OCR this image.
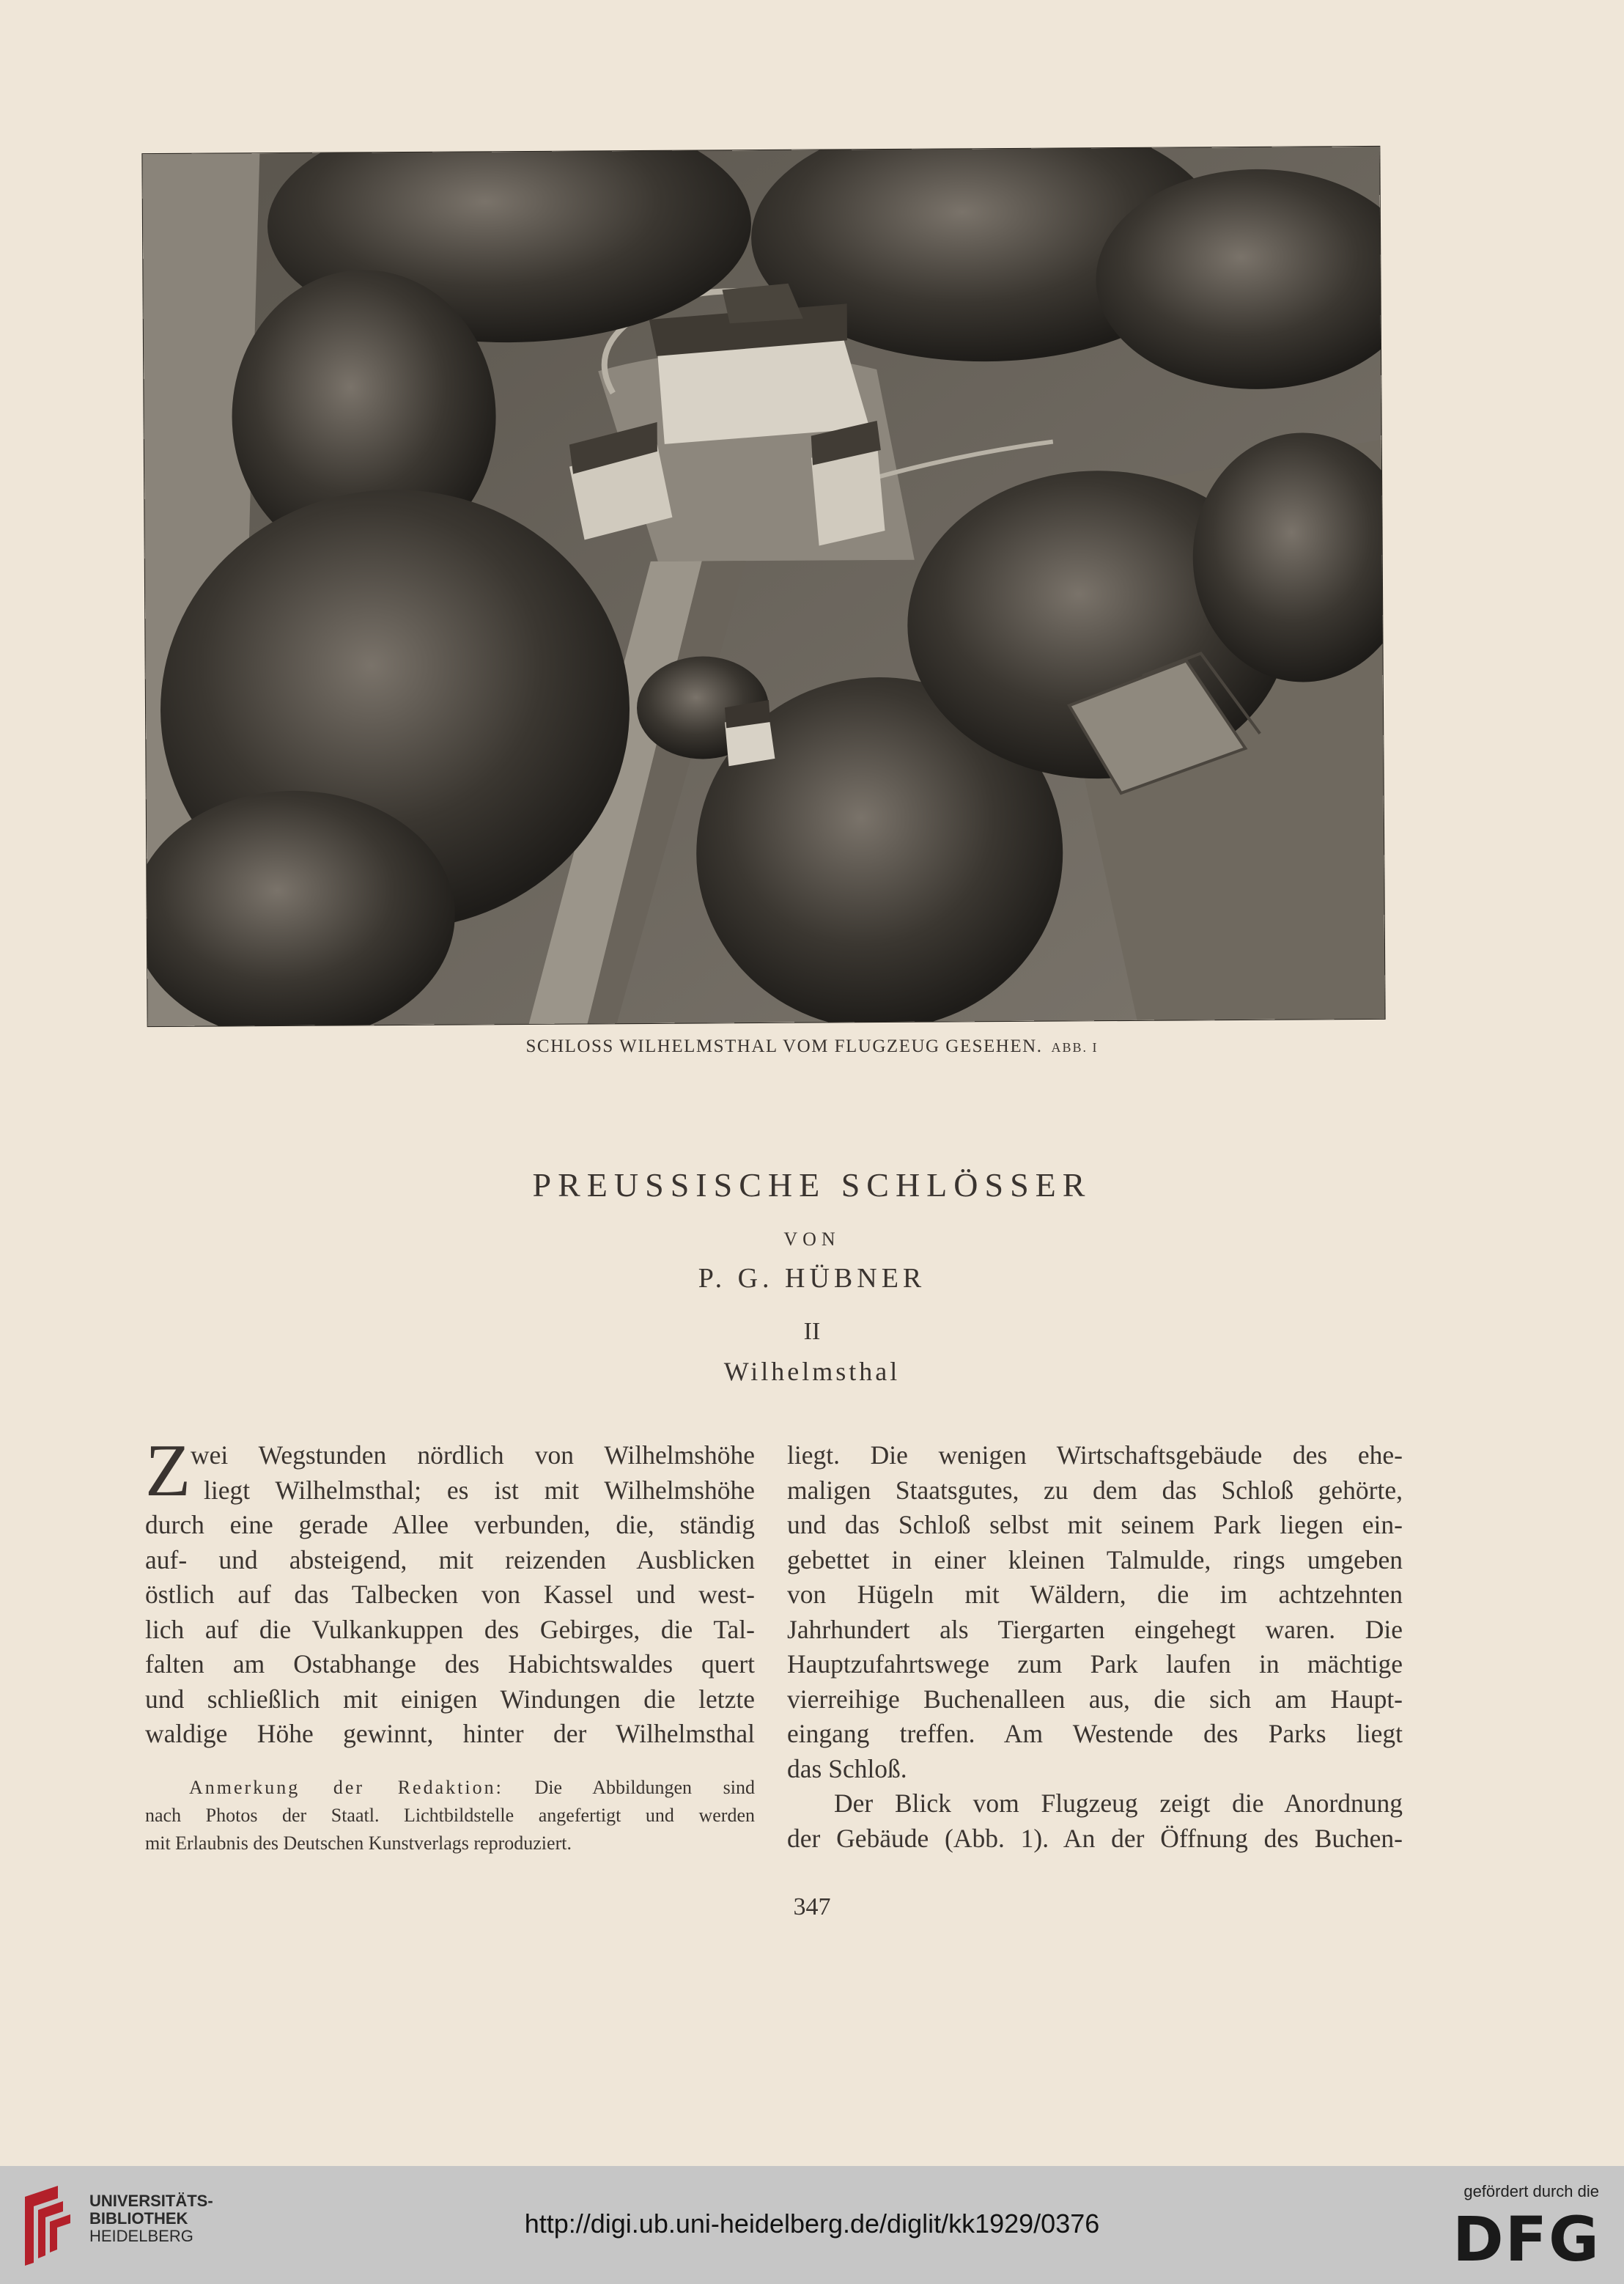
SCHLOSS WILHELMSTHAL VOM FLUGZEUG GESEHEN. ABB. I
PREUSSISCHE SCHLÖSSER
VON
P. G. HÜBNER
II
Wilhelmsthal
Z wei Wegstunden nördlich von Wilhelmshöhe
liegt Wilhelmsthal; es ist mit Wilhelmshöhe
durch eine gerade Allee verbunden, die, ständig
auf- und absteigend, mit reizenden Ausblicken
östlich auf das Talbecken von Kassel und west-
lich auf die Vulkankuppen des Gebirges, die Tal-
falten am Ostabhange des Habichtswaldes quert
und schließlich mit einigen Windungen die letzte
waldige Höhe gewinnt, hinter der Wilhelmsthal
Anmerkung der Redaktion: Die Abbildungen sind
nach Photos der Staatl. Lichtbildstelle angefertigt und werden
mit Erlaubnis des Deutschen Kunstverlags reproduziert.
liegt. Die wenigen Wirtschaftsgebäude des ehe-
maligen Staatsgutes, zu dem das Schloß gehörte,
und das Schloß selbst mit seinem Park liegen ein-
gebettet in einer kleinen Talmulde, rings umgeben
von Hügeln mit Wäldern, die im achtzehnten
Jahrhundert als Tiergarten eingehegt waren. Die
Hauptzufahrtswege zum Park laufen in mächtige
vierreihige Buchenalleen aus, die sich am Haupt-
eingang treffen. Am Westende des Parks liegt
das Schloß.
Der Blick vom Flugzeug zeigt die Anordnung
der Gebäude (Abb. 1). An der Öffnung des Buchen-
347
UNIVERSITÄTS-
BIBLIOTHEK
HEIDELBERG	http://digi.ub.uni-heidelberg.de/diglit/kk1929/0376
gefördert durch die
DFG
